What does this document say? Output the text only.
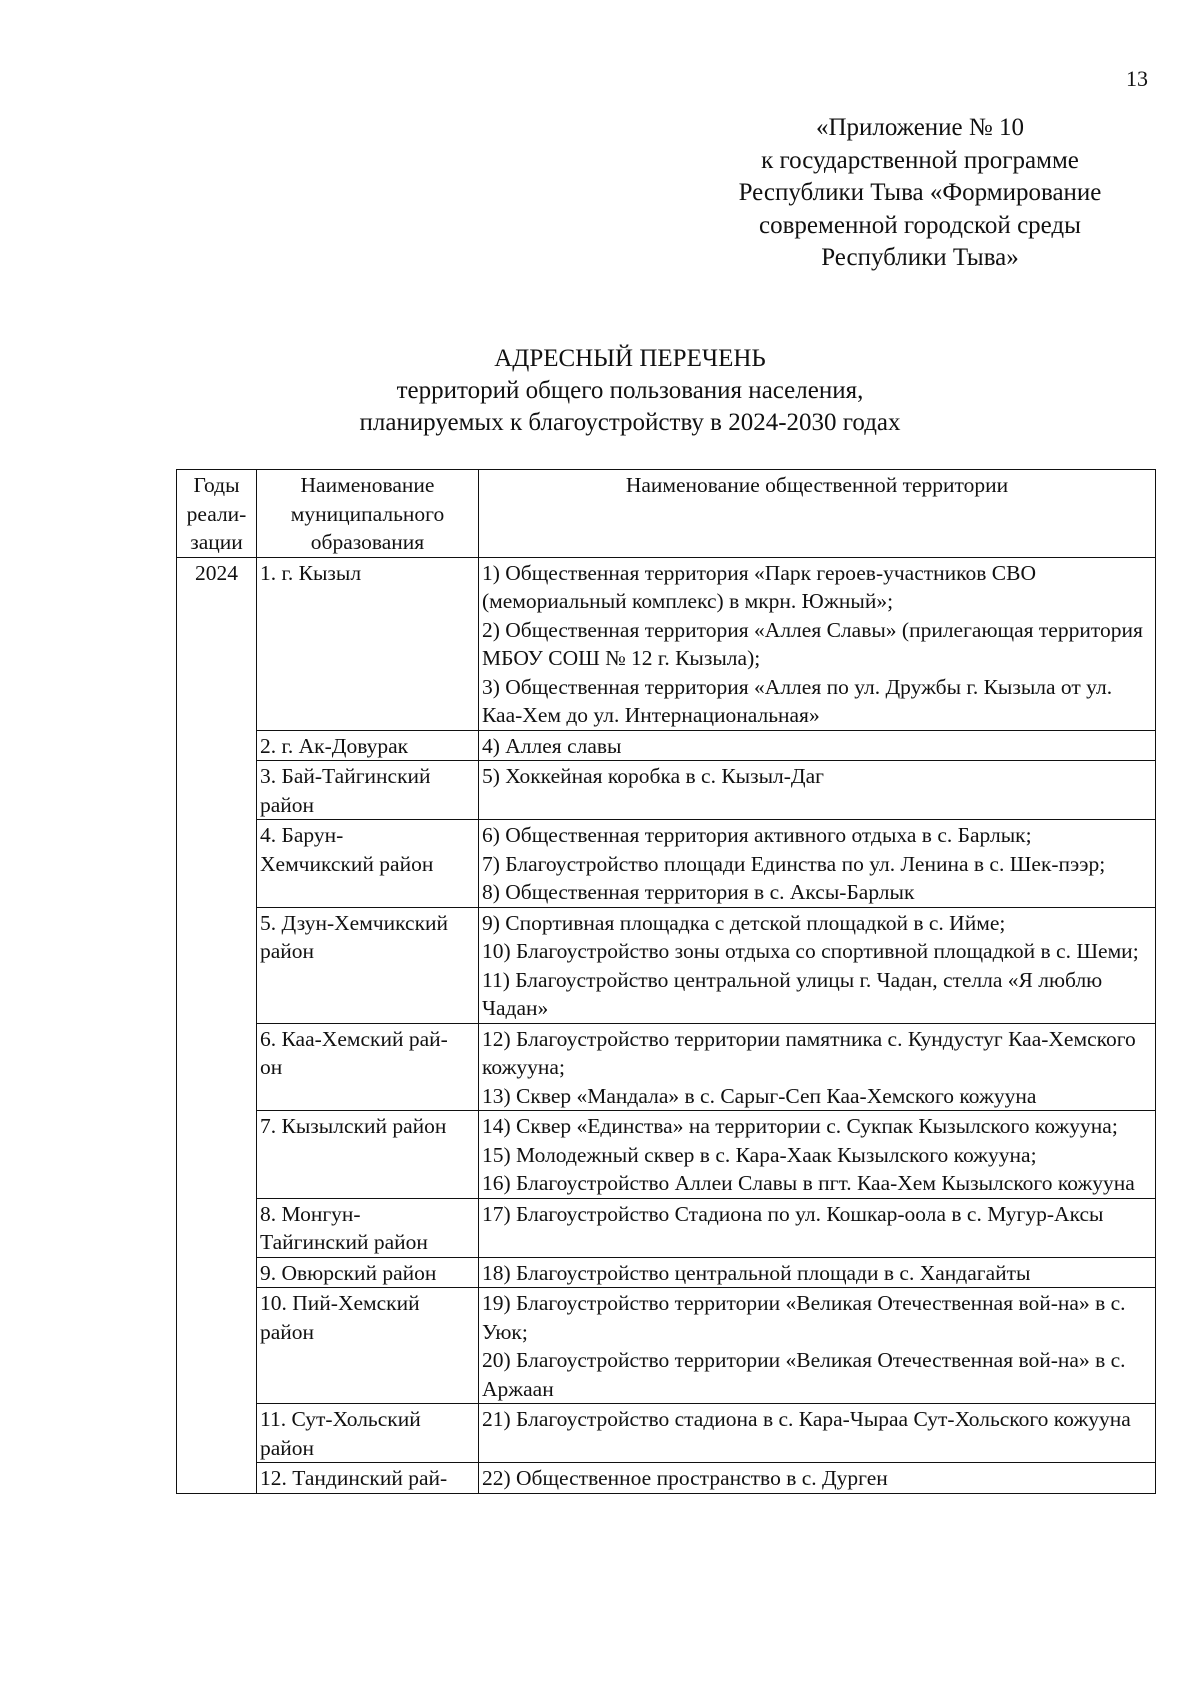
13
«Приложение № 10
к государственной программе
Республики Тыва «Формирование
современной городской среды
Республики Тыва»
АДРЕСНЫЙ ПЕРЕЧЕНЬ
территорий общего пользования населения,
планируемых к благоустройству в 2024-2030 годах
Годы
реали-
зации	Наименование
муниципального
образования	Наименование общественной территории
2024	1. г. Кызыл	1) Общественная территория «Парк героев-участников СВО (мемориальный комплекс) в мкрн. Южный»;
2) Общественная территория «Аллея Славы» (прилегающая территория МБОУ СОШ № 12 г. Кызыла);
3) Общественная территория «Аллея по ул. Дружбы г. Кызыла от ул. Каа-Хем до ул. Интернациональная»

	2. г. Ак-Довурак	4) Аллея славы

	3. Бай-Тайгинский
район	5) Хоккейная коробка в с. Кызыл-Даг

	4. Барун-
Хемчикский район	6) Общественная территория активного отдыха в с. Барлык;
7) Благоустройство площади Единства по ул. Ленина в с. Шек-пээр;
8) Общественная территория в с. Аксы-Барлык

	5. Дзун-Хемчикский
район	9) Спортивная площадка с детской площадкой в с. Ийме;
10) Благоустройство зоны отдыха со спортивной площадкой в с. Шеми;
11) Благоустройство центральной улицы г. Чадан, стелла «Я люблю Чадан»

	6. Каа-Хемский рай-
он	12) Благоустройство территории памятника с. Кундустуг Каа-Хемского кожууна;
13) Сквер «Мандала» в с. Сарыг-Сеп Каа-Хемского кожууна

	7. Кызылский район	14) Сквер «Единства» на территории с. Сукпак Кызылского кожууна;
15) Молодежный сквер в с. Кара-Хаак Кызылского кожууна;
16) Благоустройство Аллеи Славы в пгт. Каа-Хем Кызылского кожууна

	8. Монгун-
Тайгинский район	17) Благоустройство Стадиона по ул. Кошкар-оола в с. Мугур-Аксы

	9. Овюрский район	18) Благоустройство центральной площади в с. Хандагайты

	10. Пий-Хемский
район	19) Благоустройство территории «Великая Отечественная вой-на» в с. Уюк;
20) Благоустройство территории «Великая Отечественная вой-на» в с. Аржаан

	11. Сут-Хольский
район	21) Благоустройство стадиона в с. Кара-Чыраа Сут-Хольского кожууна

	12. Тандинский рай-	22) Общественное пространство в с. Дурген
